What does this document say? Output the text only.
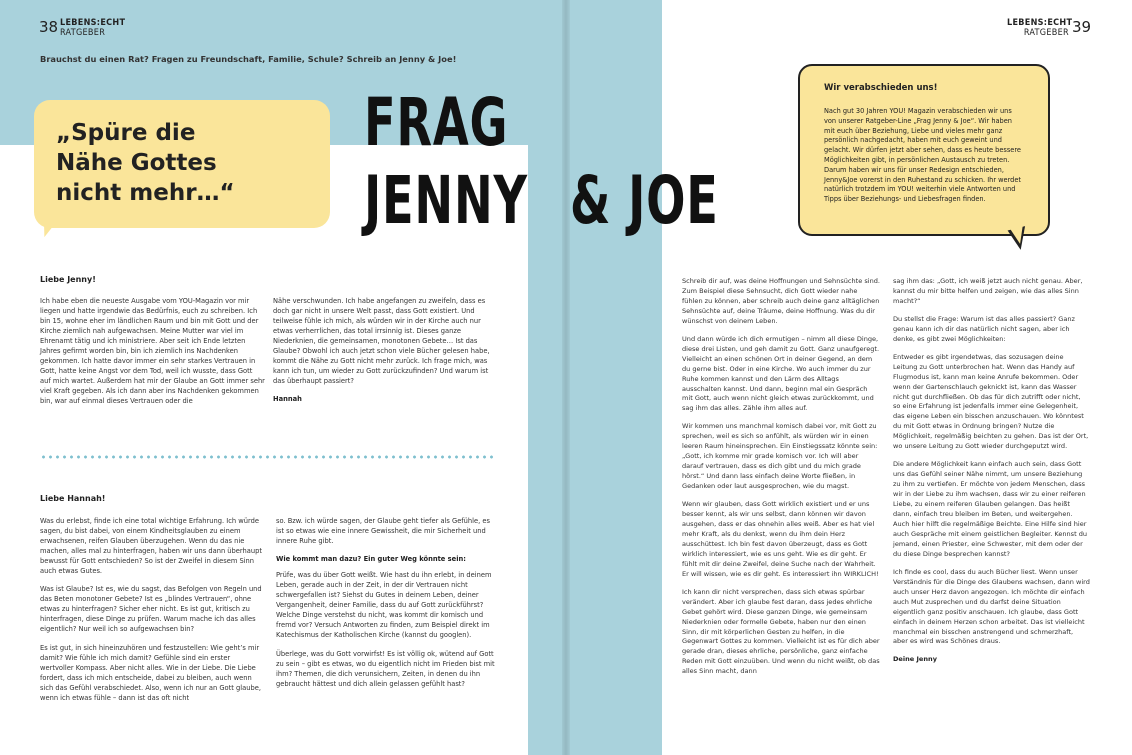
38 LEBENS:ECHT
RATGEBER
LEBENS:ECHT
RATGEBER 39
Brauchst du einen Rat? Fragen zu Freundschaft, Familie, Schule? Schreib an Jenny & Joe!
„Spüre die
Nähe Gottes
nicht mehr…“
FRAG
JENNY & JOE
Wir verabschieden uns!
Nach gut 30 Jahren YOU! Magazin verabschieden wir uns von unserer Ratgeber-Line „Frag Jenny & Joe“. Wir haben mit euch über Beziehung, Liebe und vieles mehr ganz persönlich nachgedacht, haben mit euch geweint und gelacht. Wir dürfen jetzt aber sehen, dass es heute bessere Möglichkeiten gibt, in persönlichen Austausch zu treten. Darum haben wir uns für unser Redesign entschieden, Jenny&Joe vorerst in den Ruhestand zu schicken. Ihr werdet natürlich trotzdem im YOU! weiterhin viele Antworten und Tipps über Beziehungs- und Liebesfragen finden.
Liebe Jenny!

Ich habe eben die neueste Ausgabe vom YOU-Magazin vor mir liegen und hatte irgendwie das Bedürfnis, euch zu schreiben. Ich bin 15, wohne eher im ländlichen Raum und bin mit Gott und der Kirche ziemlich nah aufgewachsen. Meine Mutter war viel im Ehrenamt tätig und ich ministriere. Aber seit ich Ende letzten Jahres gefirmt worden bin, bin ich ziemlich ins Nachdenken gekommen. Ich hatte davor immer ein sehr starkes Vertrauen in Gott, hatte keine Angst vor dem Tod, weil ich wusste, dass Gott auf mich wartet. Außerdem hat mir der Glaube an Gott immer sehr viel Kraft gegeben. Als ich dann aber ins Nachdenken gekommen bin, war auf einmal dieses Vertrauen oder die

Nähe verschwunden. Ich habe angefangen zu zweifeln, dass es doch gar nicht in unsere Welt passt, dass Gott existiert. Und teilweise fühle ich mich, als würden wir in der Kirche auch nur etwas verherrlichen, das total irrsinnig ist. Dieses ganze Niederknien, die gemeinsamen, monotonen Gebete… Ist das Glaube? Obwohl ich auch jetzt schon viele Bücher gelesen habe, kommt die Nähe zu Gott nicht mehr zurück. Ich frage mich, was kann ich tun, um wieder zu Gott zurückzufinden? Und warum ist das überhaupt passiert?

Hannah

Liebe Hannah!

Was du erlebst, finde ich eine total wichtige Erfahrung. Ich würde sagen, du bist dabei, von einem Kindheitsglauben zu einem erwachsenen, reifen Glauben überzugehen. Wenn du das nie machen, alles mal zu hinterfragen, haben wir uns dann überhaupt bewusst für Gott entschieden? So ist der Zweifel in diesem Sinn auch etwas Gutes.

Was ist Glaube? Ist es, wie du sagst, das Befolgen von Regeln und das Beten monotoner Gebete? Ist es „blindes Vertrauen“, ohne etwas zu hinterfragen? Sicher eher nicht. Es ist gut, kritisch zu hinterfragen, diese Dinge zu prüfen. Warum mache ich das alles eigentlich? Nur weil ich so aufgewachsen bin?

Es ist gut, in sich hineinzuhören und festzustellen: Wie geht’s mir damit? Wie fühle ich mich damit? Gefühle sind ein erster wertvoller Kompass. Aber nicht alles. Wie in der Liebe. Die Liebe fordert, dass ich mich entscheide, dabei zu bleiben, auch wenn sich das Gefühl verabschiedet. Also, wenn ich nur an Gott glaube, wenn ich etwas fühle – dann ist das oft nicht

so. Bzw. ich würde sagen, der Glaube geht tiefer als Gefühle, es ist so etwas wie eine innere Gewissheit, die mir Sicherheit und innere Ruhe gibt.

Wie kommt man dazu? Ein guter Weg könnte sein:

Prüfe, was du über Gott weißt. Wie hast du ihn erlebt, in deinem Leben, gerade auch in der Zeit, in der dir Vertrauen nicht schwergefallen ist? Siehst du Gutes in deinem Leben, deiner Vergangenheit, deiner Familie, dass du auf Gott zurückführst? Welche Dinge verstehst du nicht, was kommt dir komisch und fremd vor? Versuch Antworten zu finden, zum Beispiel direkt im Katechismus der Katholischen Kirche (kannst du googlen).

Überlege, was du Gott vorwirfst! Es ist völlig ok, wütend auf Gott zu sein – gibt es etwas, wo du eigentlich nicht im Frieden bist mit ihm? Themen, die dich verunsichern, Zeiten, in denen du ihn gebraucht hättest und dich allein gelassen gefühlt hast?

Schreib dir auf, was deine Hoffnungen und Sehnsüchte sind. Zum Beispiel diese Sehnsucht, dich Gott wieder nahe fühlen zu können, aber schreib auch deine ganz alltäglichen Sehnsüchte auf, deine Träume, deine Hoffnung. Was du dir wünschst von deinem Leben.

Und dann würde ich dich ermutigen – nimm all diese Dinge, diese drei Listen, und geh damit zu Gott. Ganz unaufgeregt. Vielleicht an einen schönen Ort in deiner Gegend, an dem du gerne bist. Oder in eine Kirche. Wo auch immer du zur Ruhe kommen kannst und den Lärm des Alltags ausschalten kannst. Und dann, beginn mal ein Gespräch mit Gott, auch wenn nicht gleich etwas zurückkommt, und sag ihm das alles. Zähle ihm alles auf.

Wir kommen uns manchmal komisch dabei vor, mit Gott zu sprechen, weil es sich so anfühlt, als würden wir in einen leeren Raum hineinsprechen. Ein Einstiegssatz könnte sein: „Gott, ich komme mir grade komisch vor. Ich will aber darauf vertrauen, dass es dich gibt und du mich grade hörst.“ Und dann lass einfach deine Worte fließen, in Gedanken oder laut ausgesprochen, wie du magst.

Wenn wir glauben, dass Gott wirklich existiert und er uns besser kennt, als wir uns selbst, dann können wir davon ausgehen, dass er das ohnehin alles weiß. Aber es hat viel mehr Kraft, als du denkst, wenn du ihm dein Herz ausschüttest. Ich bin fest davon überzeugt, dass es Gott wirklich interessiert, wie es uns geht. Wie es dir geht. Er fühlt mit dir deine Zweifel, deine Suche nach der Wahrheit. Er will wissen, wie es dir geht. Es interessiert ihn WIRKLICH!

Ich kann dir nicht versprechen, dass sich etwas spürbar verändert. Aber ich glaube fest daran, dass jedes ehrliche Gebet gehört wird. Diese ganzen Dinge, wie gemeinsam Niederknien oder formelle Gebete, haben nur den einen Sinn, dir mit körperlichen Gesten zu helfen, in die Gegenwart Gottes zu kommen. Vielleicht ist es für dich aber gerade dran, dieses ehrliche, persönliche, ganz einfache Reden mit Gott einzuüben. Und wenn du nicht weißt, ob das alles Sinn macht, dann

sag ihm das: „Gott, ich weiß jetzt auch nicht genau. Aber, kannst du mir bitte helfen und zeigen, wie das alles Sinn macht?“

Du stellst die Frage: Warum ist das alles passiert? Ganz genau kann ich dir das natürlich nicht sagen, aber ich denke, es gibt zwei Möglichkeiten:

Entweder es gibt irgendetwas, das sozusagen deine Leitung zu Gott unterbrochen hat. Wenn das Handy auf Flugmodus ist, kann man keine Anrufe bekommen. Oder wenn der Gartenschlauch geknickt ist, kann das Wasser nicht gut durchfließen. Ob das für dich zutrifft oder nicht, so eine Erfahrung ist jedenfalls immer eine Gelegenheit, das eigene Leben ein bisschen anzuschauen. Wo könntest du mit Gott etwas in Ordnung bringen? Nutze die Möglichkeit, regelmäßig beichten zu gehen. Das ist der Ort, wo unsere Leitung zu Gott wieder durchgeputzt wird.

Die andere Möglichkeit kann einfach auch sein, dass Gott uns das Gefühl seiner Nähe nimmt, um unsere Beziehung zu ihm zu vertiefen. Er möchte von jedem Menschen, dass wir in der Liebe zu ihm wachsen, dass wir zu einer reiferen Liebe, zu einem reiferen Glauben gelangen. Das heißt dann, einfach treu bleiben im Beten, und weitergehen. Auch hier hilft die regelmäßige Beichte. Eine Hilfe sind hier auch Gespräche mit einem geistlichen Begleiter. Kennst du jemand, einen Priester, eine Schwester, mit dem oder der du diese Dinge besprechen kannst?

Ich finde es cool, dass du auch Bücher liest. Wenn unser Verständnis für die Dinge des Glaubens wachsen, dann wird auch unser Herz davon angezogen. Ich möchte dir einfach auch Mut zusprechen und du darfst deine Situation eigentlich ganz positiv anschauen. Ich glaube, dass Gott einfach in deinem Herzen schon arbeitet. Das ist vielleicht manchmal ein bisschen anstrengend und schmerzhaft, aber es wird was Schönes draus.

Deine Jenny
